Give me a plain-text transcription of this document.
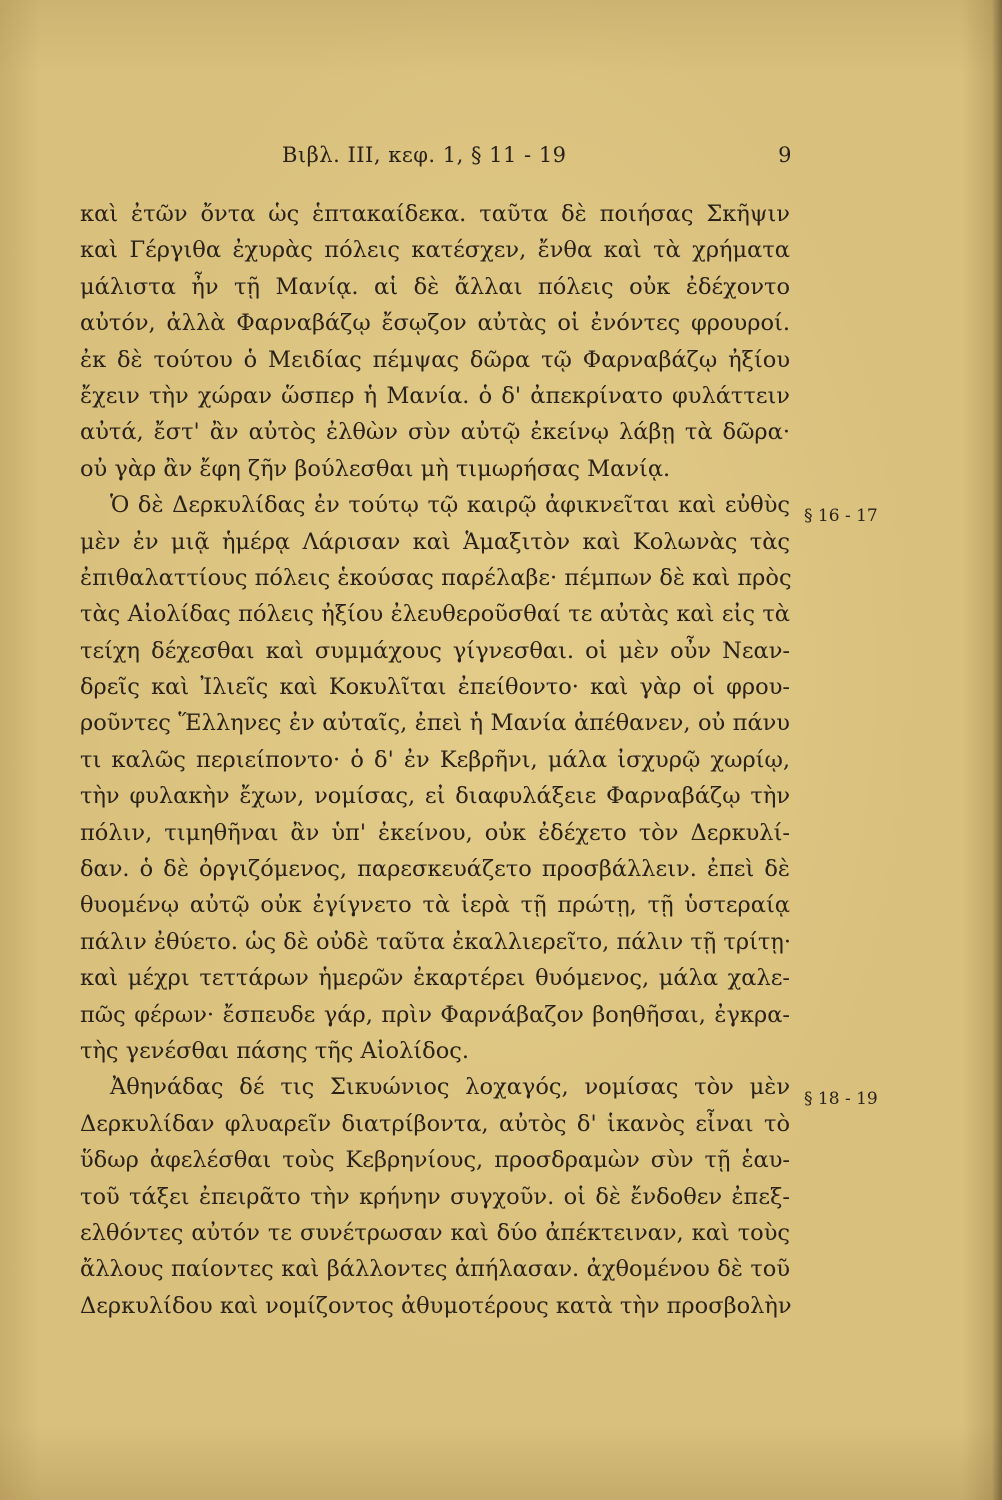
Βιβλ. III, κεφ. 1, § 11 - 19	9
καὶ ἐτῶν ὄντα ὡς ἑπτακαίδεκα. ταῦτα δὲ ποιήσας Σκῆψιν
καὶ Γέργιθα ἐχυρὰς πόλεις κατέσχεν, ἔνθα καὶ τὰ χρήματα
μάλιστα ἦν τῇ Μανίᾳ. αἱ δὲ ἄλλαι πόλεις οὐκ ἐδέχοντο
αὐτόν, ἀλλὰ Φαρναβάζῳ ἔσῳζον αὐτὰς οἱ ἐνόντες φρουροί.
ἐκ δὲ τούτου ὁ Μειδίας πέμψας δῶρα τῷ Φαρναβάζῳ ἠξίου
ἔχειν τὴν χώραν ὥσπερ ἡ Μανία. ὁ δ' ἀπεκρίνατο φυλάττειν
αὐτά, ἔστ' ἂν αὐτὸς ἐλθὼν σὺν αὐτῷ ἐκείνῳ λάβῃ τὰ δῶρα·
οὐ γὰρ ἂν ἔφη ζῆν βούλεσθαι μὴ τιμωρήσας Μανίᾳ.
Ὁ δὲ Δερκυλίδας ἐν τούτῳ τῷ καιρῷ ἀφικνεῖται καὶ εὐθὺς
μὲν ἐν μιᾷ ἡμέρᾳ Λάρισαν καὶ Ἁμαξιτὸν καὶ Κολωνὰς τὰς
ἐπιθαλαττίους πόλεις ἑκούσας παρέλαβε· πέμπων δὲ καὶ πρὸς
τὰς Αἰολίδας πόλεις ἠξίου ἐλευθεροῦσθαί τε αὐτὰς καὶ εἰς τὰ
τείχη δέχεσθαι καὶ συμμάχους γίγνεσθαι. οἱ μὲν οὖν Νεαν-
δρεῖς καὶ Ἰλιεῖς καὶ Κοκυλῖται ἐπείθοντο· καὶ γὰρ οἱ φρου-
ροῦντες Ἕλληνες ἐν αὐταῖς, ἐπεὶ ἡ Μανία ἀπέθανεν, οὐ πάνυ
τι καλῶς περιείποντο· ὁ δ' ἐν Κεβρῆνι, μάλα ἰσχυρῷ χωρίῳ,
τὴν φυλακὴν ἔχων, νομίσας, εἰ διαφυλάξειε Φαρναβάζῳ τὴν
πόλιν, τιμηθῆναι ἂν ὑπ' ἐκείνου, οὐκ ἐδέχετο τὸν Δερκυλί-
δαν. ὁ δὲ ὀργιζόμενος, παρεσκευάζετο προσβάλλειν. ἐπεὶ δὲ
θυομένῳ αὐτῷ οὐκ ἐγίγνετο τὰ ἱερὰ τῇ πρώτῃ, τῇ ὑστεραίᾳ
πάλιν ἐθύετο. ὡς δὲ οὐδὲ ταῦτα ἐκαλλιερεῖτο, πάλιν τῇ τρίτῃ·
καὶ μέχρι τεττάρων ἡμερῶν ἐκαρτέρει θυόμενος, μάλα χαλε-
πῶς φέρων· ἔσπευδε γάρ, πρὶν Φαρνάβαζον βοηθῆσαι, ἐγκρα-
τὴς γενέσθαι πάσης τῆς Αἰολίδος.
Ἀθηνάδας δέ τις Σικυώνιος λοχαγός, νομίσας τὸν μὲν
Δερκυλίδαν φλυαρεῖν διατρίβοντα, αὐτὸς δ' ἱκανὸς εἶναι τὸ
ὕδωρ ἀφελέσθαι τοὺς Κεβρηνίους, προσδραμὼν σὺν τῇ ἑαυ-
τοῦ τάξει ἐπειρᾶτο τὴν κρήνην συγχοῦν. οἱ δὲ ἔνδοθεν ἐπεξ-
ελθόντες αὐτόν τε συνέτρωσαν καὶ δύο ἀπέκτειναν, καὶ τοὺς
ἄλλους παίοντες καὶ βάλλοντες ἀπήλασαν. ἀχθομένου δὲ τοῦ
Δερκυλίδου καὶ νομίζοντος ἀθυμοτέρους κατὰ τὴν προσβολὴν
§ 16 - 17
§ 18 - 19
